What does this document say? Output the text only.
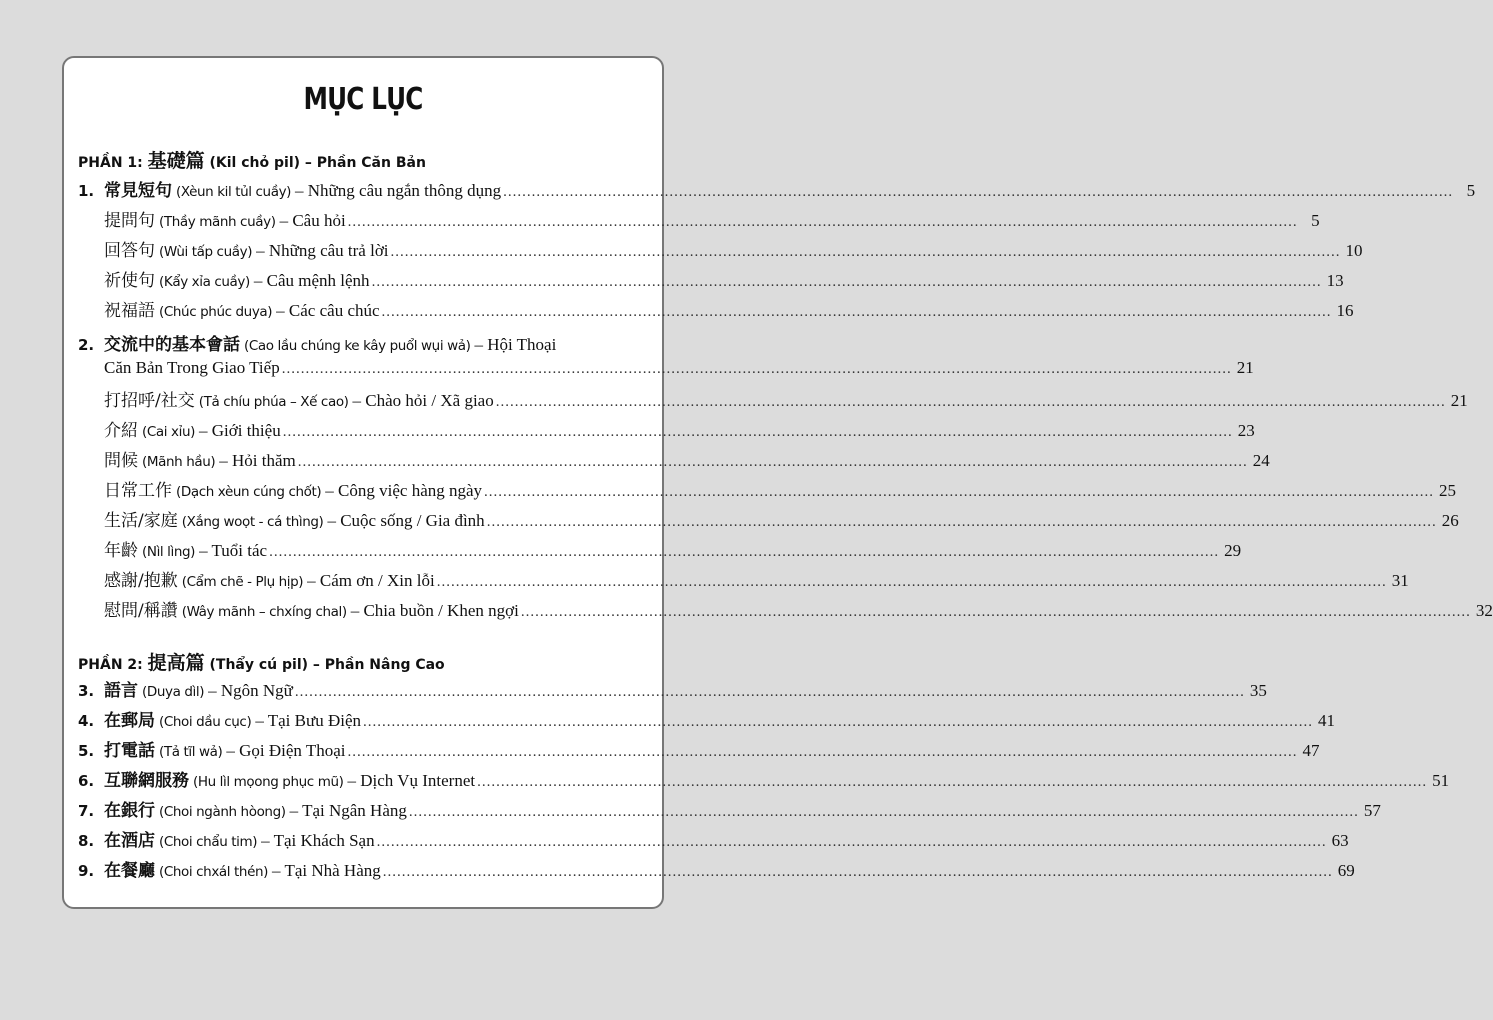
MỤC LỤC
PHẦN 1: 基礎篇 (Kil chỏ pil) – Phần Căn Bản
PHẦN 2: 提高篇 (Thẩy cú pil) – Phần Nâng Cao
1. 常見短句 (Xèun kil tủl cuầy) – Những câu ngắn thông dụng ........................................................................................................................................................................................................ 5
提問句 (Thầy mãnh cuầy) – Câu hỏi ........................................................................................................................................................................................................ 5
回答句 (Wùi tấp cuầy) – Những câu trả lời ........................................................................................................................................................................................................ 10
祈使句 (Kẩy xỉa cuầy) – Câu mệnh lệnh ........................................................................................................................................................................................................ 13
祝福語 (Chúc phúc duya) – Các câu chúc ........................................................................................................................................................................................................ 16
2. 交流中的基本會話 (Cao lầu chúng ke kây puổl wụi wả) – Hội Thoại
Căn Bản Trong Giao Tiếp ........................................................................................................................................................................................................ 21
打招呼/社交 (Tả chíu phúa – Xế cao) – Chào hỏi / Xã giao ........................................................................................................................................................................................................ 21
介紹 (Cai xỉu) – Giới thiệu ........................................................................................................................................................................................................ 23
問候 (Mãnh hầu) – Hỏi thăm ........................................................................................................................................................................................................ 24
日常工作 (Dạch xèun cúng chốt) – Công việc hàng ngày ........................................................................................................................................................................................................ 25
生活/家庭 (Xắng woọt - cá thìng) – Cuộc sống / Gia đình ........................................................................................................................................................................................................ 26
年齡 (Nìl lìng) – Tuổi tác ........................................................................................................................................................................................................ 29
感謝/抱歉 (Cẩm chẽ - Plụ hịp) – Cám ơn / Xin lỗi ........................................................................................................................................................................................................ 31
慰問/稱讚 (Wây mãnh – chxíng chal) – Chia buồn / Khen ngợi ........................................................................................................................................................................................................ 32
3. 語言 (Duya dìl) – Ngôn Ngữ ........................................................................................................................................................................................................ 35
4. 在郵局 (Choi dầu cục) – Tại Bưu Điện ........................................................................................................................................................................................................ 41
5. 打電話 (Tả tĩl wả) – Gọi Điện Thoại ........................................................................................................................................................................................................ 47
6. 互聯網服務 (Hu lìl mọong phục mũ) – Dịch Vụ Internet ........................................................................................................................................................................................................ 51
7. 在銀行 (Choi ngành hòong) – Tại Ngân Hàng ........................................................................................................................................................................................................ 57
8. 在酒店 (Choi chẩu tim) – Tại Khách Sạn ........................................................................................................................................................................................................ 63
9. 在餐廳 (Choi chxál thén) – Tại Nhà Hàng ........................................................................................................................................................................................................ 69
